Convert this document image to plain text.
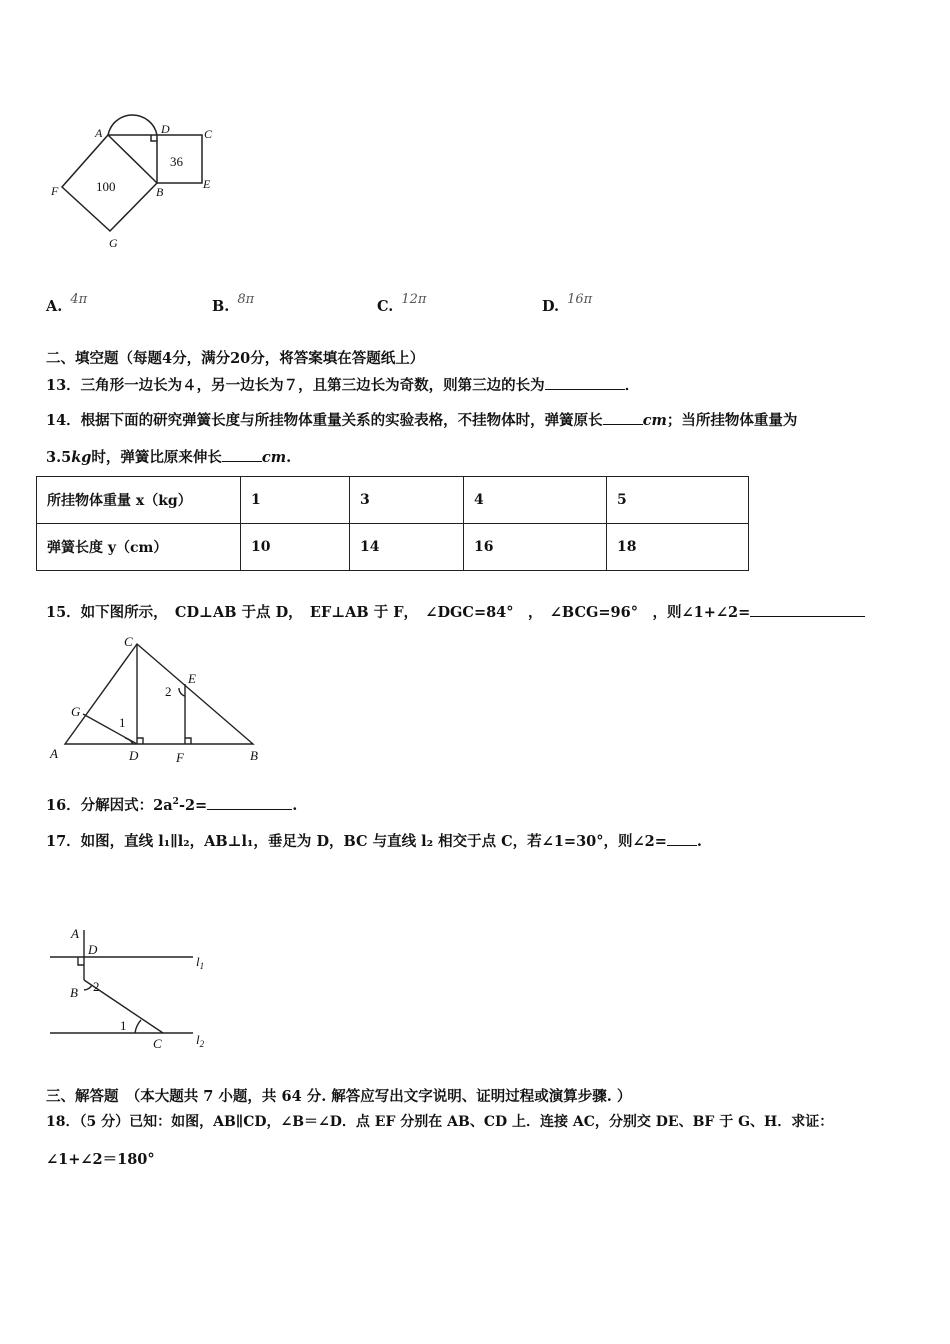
A	D	C
E
F	B
G
100
36
A. 4π	B. 8π	C. 12π	D. 16π
二、填空题（每题4分，满分20分，将答案填在答题纸上）
13．三角形一边长为４，另一边长为７，且第三边长为奇数，则第三边的长为	．
14．根据下面的研究弹簧长度与所挂物体重量关系的实验表格，不挂物体时，弹簧原长	cm；当所挂物体重量为
3.5kg时，弹簧比原来伸长	cm.
所挂物体重量 x（kg）	1	3	4	5
弹簧长度 y（cm）	10	14	16	18
15．如下图所示，　CD⊥AB 于点 D，　EF⊥AB 于 F，　∠DGC=84°　，　∠BCG=96°　，则∠1+∠2=
C
E
G
A	D	F	B
1
2
16．分解因式：$2a^2-2=$	.
17．如图，直线 l₁∥l₂，AB⊥l₁，垂足为 D，BC 与直线 l₂ 相交于点 C，若∠1=30°，则∠2= .
A
D
B
C
$l_1$
$l_2$
2
1
三、解答题　（本大题共 7 小题，共 64 分. 解答应写出文字说明、证明过程或演算步骤. ）
18．（5 分）已知：如图，AB∥CD，∠B＝∠D．点 EF 分别在 AB、CD 上．连接 AC，分别交 DE、BF 于 G、H．求证：
∠1+∠2＝180°
